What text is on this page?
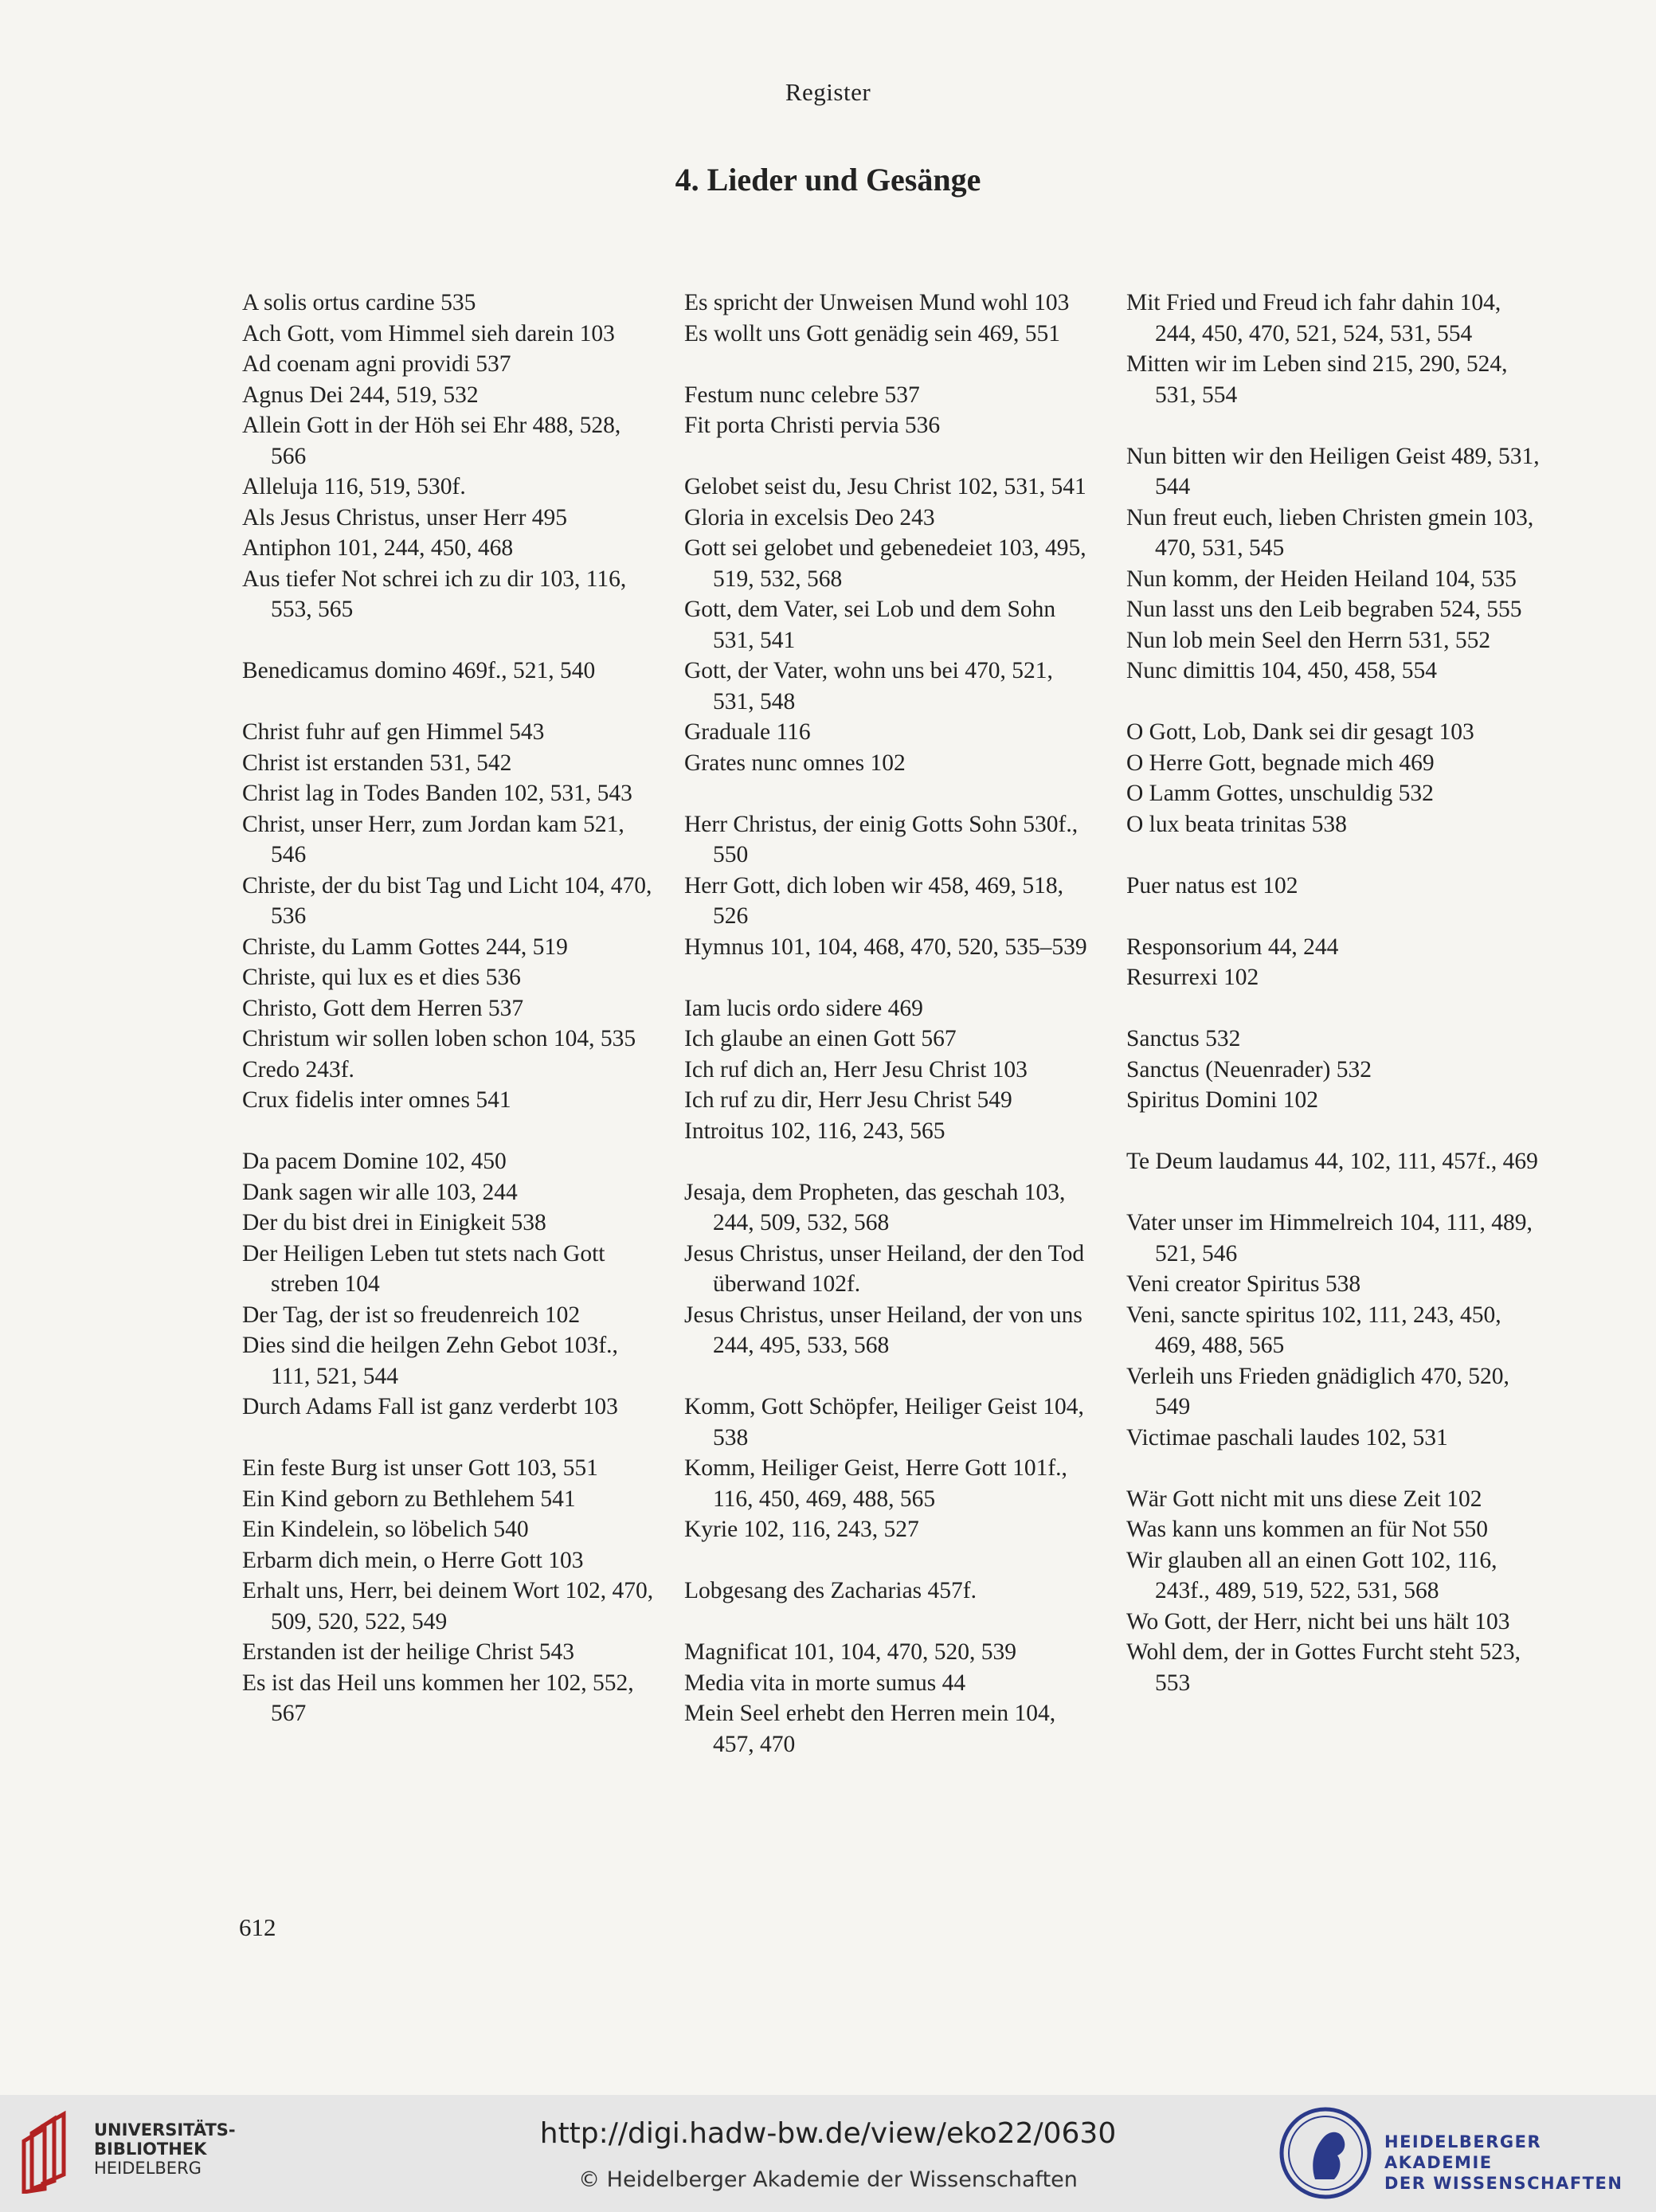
Register
4. Lieder und Gesänge
A solis ortus cardine 535
Ach Gott, vom Himmel sieh darein 103
Ad coenam agni providi 537
Agnus Dei 244, 519, 532
Allein Gott in der Höh sei Ehr 488, 528, 566
Alleluja 116, 519, 530f.
Als Jesus Christus, unser Herr 495
Antiphon 101, 244, 450, 468
Aus tiefer Not schrei ich zu dir 103, 116, 553, 565
Benedicamus domino 469f., 521, 540
Christ fuhr auf gen Himmel 543
Christ ist erstanden 531, 542
Christ lag in Todes Banden 102, 531, 543
Christ, unser Herr, zum Jordan kam 521, 546
Christe, der du bist Tag und Licht 104, 470, 536
Christe, du Lamm Gottes 244, 519
Christe, qui lux es et dies 536
Christo, Gott dem Herren 537
Christum wir sollen loben schon 104, 535
Credo 243f.
Crux fidelis inter omnes 541
Da pacem Domine 102, 450
Dank sagen wir alle 103, 244
Der du bist drei in Einigkeit 538
Der Heiligen Leben tut stets nach Gott streben 104
Der Tag, der ist so freudenreich 102
Dies sind die heilgen Zehn Gebot 103f., 111, 521, 544
Durch Adams Fall ist ganz verderbt 103
Ein feste Burg ist unser Gott 103, 551
Ein Kind geborn zu Bethlehem 541
Ein Kindelein, so löbelich 540
Erbarm dich mein, o Herre Gott 103
Erhalt uns, Herr, bei deinem Wort 102, 470, 509, 520, 522, 549
Erstanden ist der heilige Christ 543
Es ist das Heil uns kommen her 102, 552, 567
Es spricht der Unweisen Mund wohl 103
Es wollt uns Gott genädig sein 469, 551
Festum nunc celebre 537
Fit porta Christi pervia 536
Gelobet seist du, Jesu Christ 102, 531, 541
Gloria in excelsis Deo 243
Gott sei gelobet und gebenedeiet 103, 495, 519, 532, 568
Gott, dem Vater, sei Lob und dem Sohn 531, 541
Gott, der Vater, wohn uns bei 470, 521, 531, 548
Graduale 116
Grates nunc omnes 102
Herr Christus, der einig Gotts Sohn 530f., 550
Herr Gott, dich loben wir 458, 469, 518, 526
Hymnus 101, 104, 468, 470, 520, 535–539
Iam lucis ordo sidere 469
Ich glaube an einen Gott 567
Ich ruf dich an, Herr Jesu Christ 103
Ich ruf zu dir, Herr Jesu Christ 549
Introitus 102, 116, 243, 565
Jesaja, dem Propheten, das geschah 103, 244, 509, 532, 568
Jesus Christus, unser Heiland, der den Tod überwand 102f.
Jesus Christus, unser Heiland, der von uns 244, 495, 533, 568
Komm, Gott Schöpfer, Heiliger Geist 104, 538
Komm, Heiliger Geist, Herre Gott 101f., 116, 450, 469, 488, 565
Kyrie 102, 116, 243, 527
Lobgesang des Zacharias 457f.
Magnificat 101, 104, 470, 520, 539
Media vita in morte sumus 44
Mein Seel erhebt den Herren mein 104, 457, 470
Mit Fried und Freud ich fahr dahin 104, 244, 450, 470, 521, 524, 531, 554
Mitten wir im Leben sind 215, 290, 524, 531, 554
Nun bitten wir den Heiligen Geist 489, 531, 544
Nun freut euch, lieben Christen gmein 103, 470, 531, 545
Nun komm, der Heiden Heiland 104, 535
Nun lasst uns den Leib begraben 524, 555
Nun lob mein Seel den Herrn 531, 552
Nunc dimittis 104, 450, 458, 554
O Gott, Lob, Dank sei dir gesagt 103
O Herre Gott, begnade mich 469
O Lamm Gottes, unschuldig 532
O lux beata trinitas 538
Puer natus est 102
Responsorium 44, 244
Resurrexi 102
Sanctus 532
Sanctus (Neuenrader) 532
Spiritus Domini 102
Te Deum laudamus 44, 102, 111, 457f., 469
Vater unser im Himmelreich 104, 111, 489, 521, 546
Veni creator Spiritus 538
Veni, sancte spiritus 102, 111, 243, 450, 469, 488, 565
Verleih uns Frieden gnädiglich 470, 520, 549
Victimae paschali laudes 102, 531
Wär Gott nicht mit uns diese Zeit 102
Was kann uns kommen an für Not 550
Wir glauben all an einen Gott 102, 116, 243f., 489, 519, 522, 531, 568
Wo Gott, der Herr, nicht bei uns hält 103
Wohl dem, der in Gottes Furcht steht 523, 553
612
UNIVERSITÄTS-
BIBLIOTHEK
HEIDELBERG
http://digi.hadw-bw.de/view/eko22/0630
© Heidelberger Akademie der Wissenschaften
HEIDELBERGER AKADEMIE
DER WISSENSCHAFTEN
